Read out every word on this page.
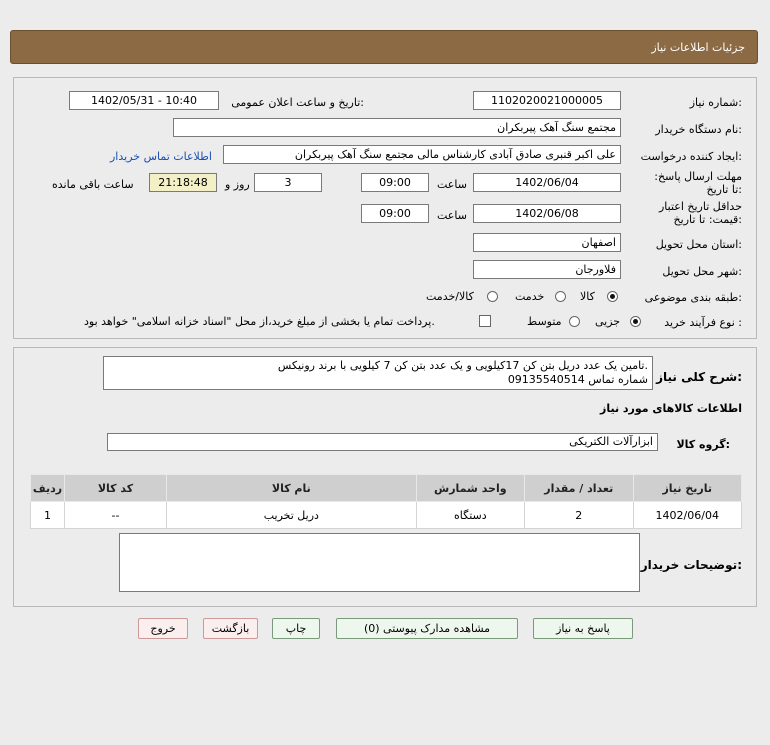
جزئیات اطلاعات نیاز
شماره نیاز:
1102020021000005
تاریخ و ساعت اعلان عمومی:
1402/05/31 - 10:40
نام دستگاه خریدار:
مجتمع سنگ آهک پیربکران
ایجاد کننده درخواست:
علی اکبر قنبری صادق آبادی کارشناس مالی مجتمع سنگ آهک پیربکران
اطلاعات تماس خریدار
مهلت ارسال پاسخ: تا تاریخ:
1402/06/04
ساعت
09:00
3
روز و
21:18:48
ساعت باقی مانده
حداقل تاریخ اعتبار قیمت: تا تاریخ:
1402/06/08
ساعت
09:00
استان محل تحویل:
اصفهان
شهر محل تحویل:
فلاورجان
طبقه بندی موضوعی:
کالا
خدمت
کالا/خدمت
نوع فرآیند خرید :
جزیی
متوسط
پرداخت تمام یا بخشی از مبلغ خرید،از محل "اسناد خزانه اسلامی" خواهد بود.
شرح کلی نیاز:
تامین یک عدد دریل بتن کن 17کیلویی و یک عدد بتن کن 7 کیلویی با برند رونیکس.
شماره تماس 09135540514
اطلاعات کالاهای مورد نیاز
گروه کالا:
ابزارآلات الکتریکی
ردیف	کد کالا	نام کالا	واحد شمارش	تعداد / مقدار	تاریخ نیاز
1	--	دریل تخریب	دستگاه	2	1402/06/04
توضیحات خریدار:
پاسخ به نیاز
مشاهده مدارک پیوستی (0)
چاپ
بازگشت
خروج
